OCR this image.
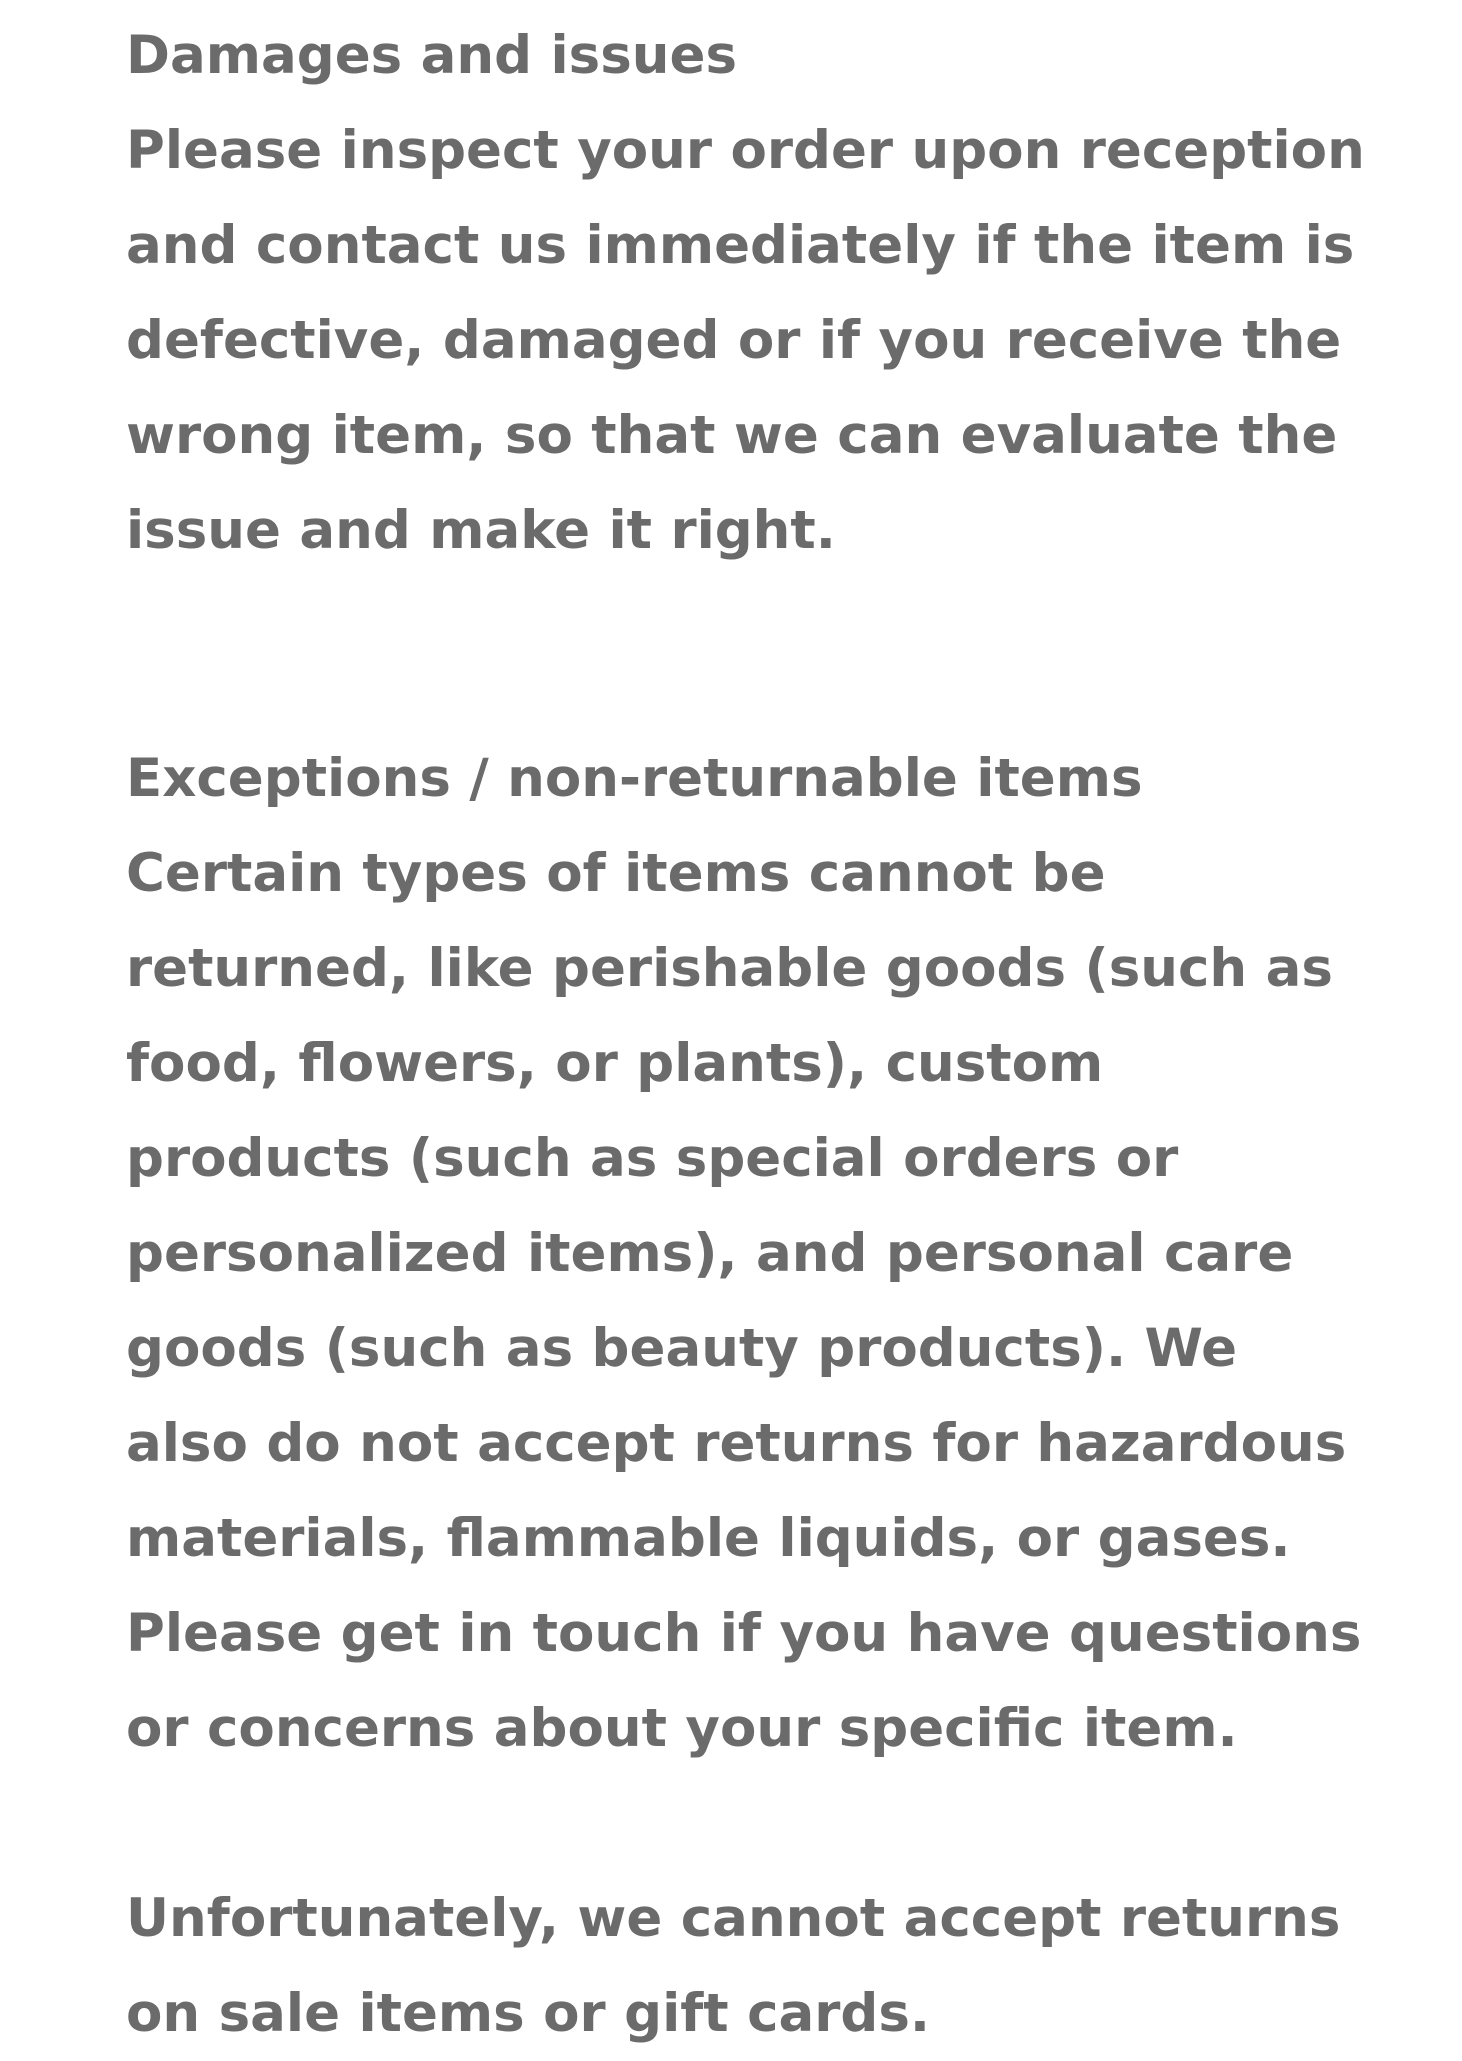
Damages and issues

Please inspect your order upon reception and contact us immediately if the item is defective, damaged or if you receive the wrong item, so that we can evaluate the issue and make it right.

Exceptions / non-returnable items

Certain types of items cannot be returned, like perishable goods (such as food, flowers, or plants), custom products (such as special orders or personalized items), and personal care goods (such as beauty products). We also do not accept returns for hazardous materials, flammable liquids, or gases. Please get in touch if you have questions or concerns about your specific item.

Unfortunately, we cannot accept returns on sale items or gift cards.
